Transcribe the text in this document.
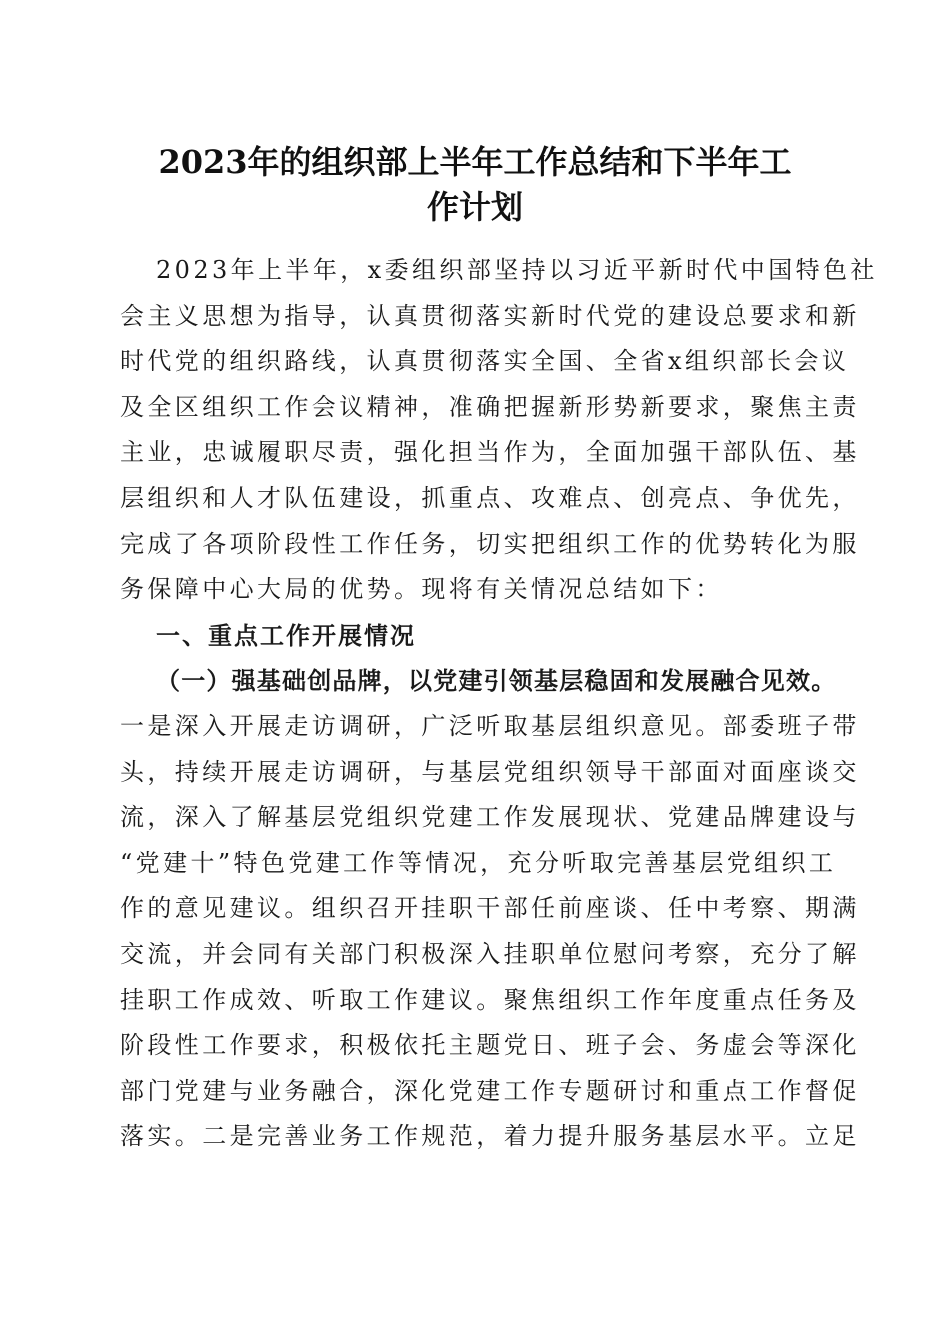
2023年的组织部上半年工作总结和下半年工
作计划
2023年上半年，x委组织部坚持以习近平新时代中国特色社
会主义思想为指导，认真贯彻落实新时代党的建设总要求和新
时代党的组织路线，认真贯彻落实全国、全省x组织部长会议
及全区组织工作会议精神，准确把握新形势新要求，聚焦主责
主业，忠诚履职尽责，强化担当作为，全面加强干部队伍、基
层组织和人才队伍建设，抓重点、攻难点、创亮点、争优先，
完成了各项阶段性工作任务，切实把组织工作的优势转化为服
务保障中心大局的优势。现将有关情况总结如下：
一、重点工作开展情况
（一）强基础创品牌，以党建引领基层稳固和发展融合见效。
一是深入开展走访调研，广泛听取基层组织意见。部委班子带
头，持续开展走访调研，与基层党组织领导干部面对面座谈交
流，深入了解基层党组织党建工作发展现状、党建品牌建设与
“党建十”特色党建工作等情况，充分听取完善基层党组织工
作的意见建议。组织召开挂职干部任前座谈、任中考察、期满
交流，并会同有关部门积极深入挂职单位慰问考察，充分了解
挂职工作成效、听取工作建议。聚焦组织工作年度重点任务及
阶段性工作要求，积极依托主题党日、班子会、务虚会等深化
部门党建与业务融合，深化党建工作专题研讨和重点工作督促
落实。二是完善业务工作规范，着力提升服务基层水平。立足
